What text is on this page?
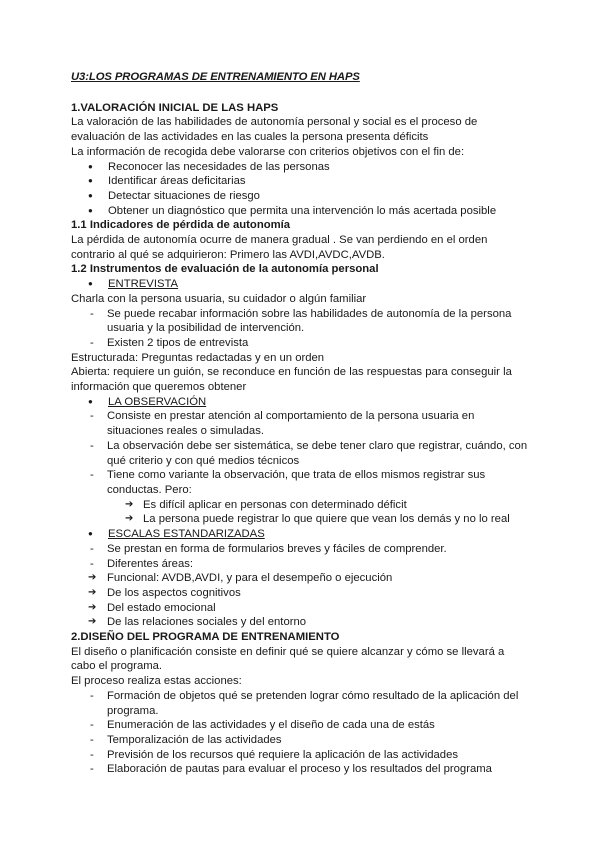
U3:LOS PROGRAMAS DE ENTRENAMIENTO EN HAPS

1.VALORACIÓN INICIAL DE LAS HAPS

La valoración de las habilidades de autonomía personal y social es el proceso de evaluación de las actividades en las cuales la persona presenta déficits

La información de recogida debe valorarse con criterios objetivos con el fin de:

● Reconocer las necesidades de las personas
● Identificar áreas deficitarias
● Detectar situaciones de riesgo
● Obtener un diagnóstico que permita una intervención lo más acertada posible

1.1 Indicadores de pérdida de autonomía

La pérdida de autonomía ocurre de manera gradual . Se van perdiendo en el orden contrario al qué se adquirieron: Primero las AVDI,AVDC,AVDB.

1.2 Instrumentos de evaluación de la autonomía personal

● ENTREVISTA

Charla con la persona usuaria, su cuidador o algún familiar

- Se puede recabar información sobre las habilidades de autonomía de la persona usuaria y la posibilidad de intervención.
- Existen 2 tipos de entrevista

Estructurada: Preguntas redactadas y en un orden

Abierta: requiere un guión, se reconduce en función de las respuestas para conseguir la información que queremos obtener

● LA OBSERVACIÓN
- Consiste en prestar atención al comportamiento de la persona usuaria en situaciones reales o simuladas.
- La observación debe ser sistemática, se debe tener claro que registrar, cuándo, con qué criterio y con qué medios técnicos
- Tiene como variante la observación, que trata de ellos mismos registrar sus conductas. Pero:
➔ Es difícil aplicar en personas con determinado déficit
➔ La persona puede registrar lo que quiere que vean los demás y no lo real
● ESCALAS ESTANDARIZADAS
- Se prestan en forma de formularios breves y fáciles de comprender.
- Diferentes áreas:
➔ Funcional: AVDB,AVDI, y para el desempeño o ejecución
➔ De los aspectos cognitivos
➔ Del estado emocional
➔ De las relaciones sociales y del entorno

2.DISEÑO DEL PROGRAMA DE ENTRENAMIENTO

El diseño o planificación consiste en definir qué se quiere alcanzar y cómo se llevará a cabo el programa.

El proceso realiza estas acciones:

- Formación de objetos qué se pretenden lograr cómo resultado de la aplicación del programa.
- Enumeración de las actividades y el diseño de cada una de estás
- Temporalización de las actividades
- Previsión de los recursos qué requiere la aplicación de las actividades
- Elaboración de pautas para evaluar el proceso y los resultados del programa
